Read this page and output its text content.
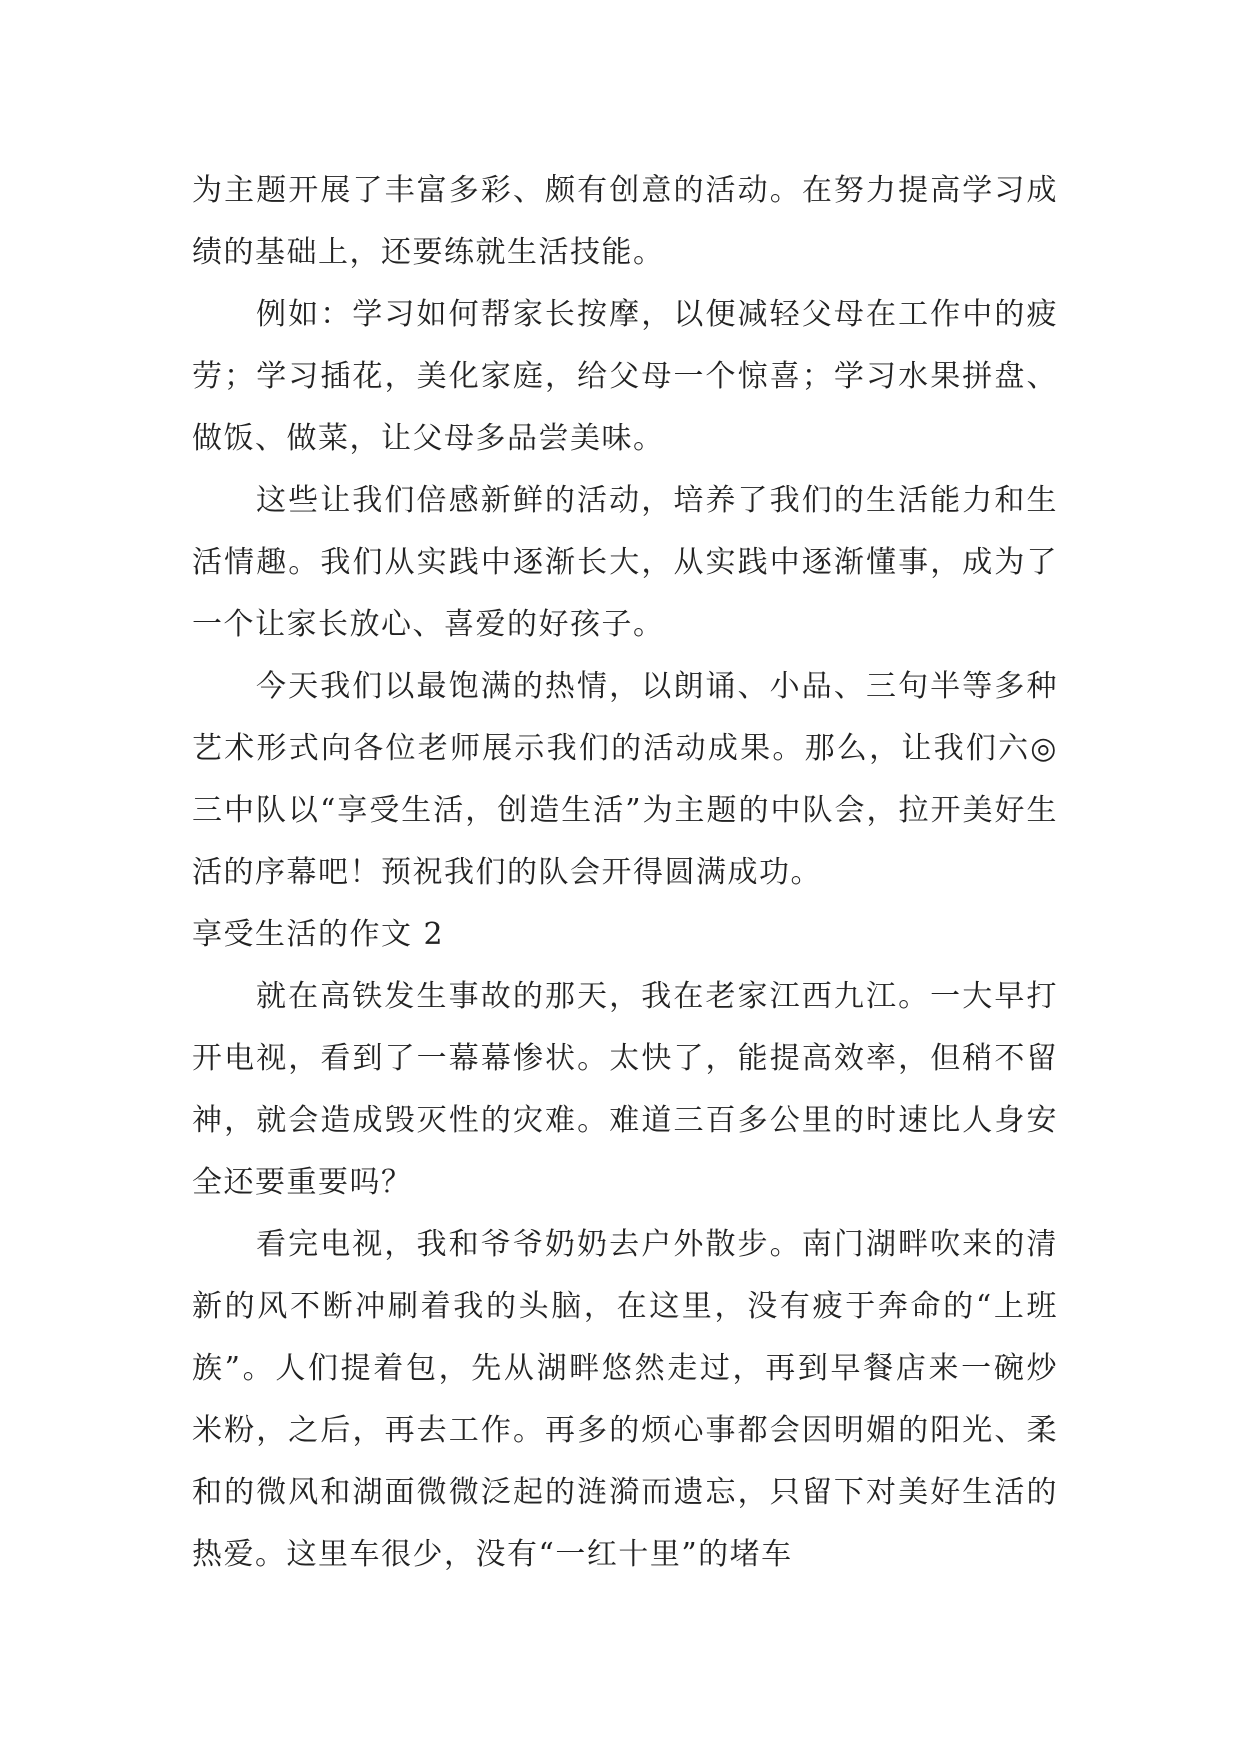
为主题开展了丰富多彩、颇有创意的活动。在努力提高学习成绩的基础上，还要练就生活技能。

例如：学习如何帮家长按摩，以便减轻父母在工作中的疲劳；学习插花，美化家庭，给父母一个惊喜；学习水果拼盘、做饭、做菜，让父母多品尝美味。

这些让我们倍感新鲜的活动，培养了我们的生活能力和生活情趣。我们从实践中逐渐长大，从实践中逐渐懂事，成为了一个让家长放心、喜爱的好孩子。

今天我们以最饱满的热情，以朗诵、小品、三句半等多种艺术形式向各位老师展示我们的活动成果。那么，让我们六◎三中队以“享受生活，创造生活”为主题的中队会，拉开美好生活的序幕吧！预祝我们的队会开得圆满成功。

享受生活的作文 2

就在高铁发生事故的那天，我在老家江西九江。一大早打开电视，看到了一幕幕惨状。太快了，能提高效率，但稍不留神，就会造成毁灭性的灾难。难道三百多公里的时速比人身安全还要重要吗？

看完电视，我和爷爷奶奶去户外散步。南门湖畔吹来的清新的风不断冲刷着我的头脑，在这里，没有疲于奔命的“上班族”。人们提着包，先从湖畔悠然走过，再到早餐店来一碗炒米粉，之后，再去工作。再多的烦心事都会因明媚的阳光、柔和的微风和湖面微微泛起的涟漪而遗忘，只留下对美好生活的热爱。这里车很少，没有“一红十里”的堵车
